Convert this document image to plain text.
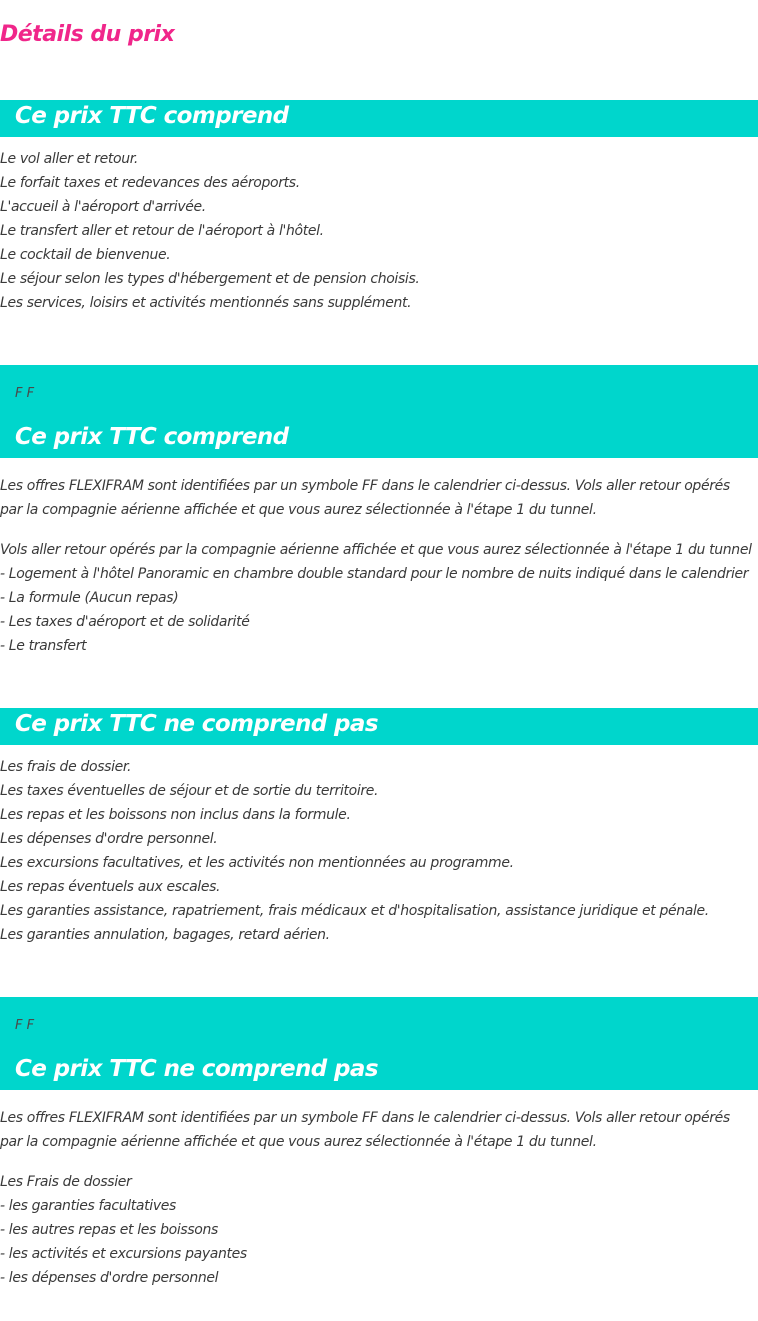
Détails du prix
Ce prix TTC comprend
Le vol aller et retour.
Le forfait taxes et redevances des aéroports.
L'accueil à l'aéroport d'arrivée.
Le transfert aller et retour de l'aéroport à l'hôtel.
Le cocktail de bienvenue.
Le séjour selon les types d'hébergement et de pension choisis.
Les services, loisirs et activités mentionnés sans supplément.
F F
Ce prix TTC comprend

Les offres FLEXIFRAM sont identifiées par un symbole FF dans le calendrier ci-dessus. Vols aller retour opérés par la compagnie aérienne affichée et que vous aurez sélectionnée à l'étape 1 du tunnel.

Vols aller retour opérés par la compagnie aérienne affichée et que vous aurez sélectionnée à l'étape 1 du tunnel
- Logement à l'hôtel Panoramic en chambre double standard pour le nombre de nuits indiqué dans le calendrier
- La formule (Aucun repas)
- Les taxes d'aéroport et de solidarité
- Le transfert
Ce prix TTC ne comprend pas
Les frais de dossier.
Les taxes éventuelles de séjour et de sortie du territoire.
Les repas et les boissons non inclus dans la formule.
Les dépenses d'ordre personnel.
Les excursions facultatives, et les activités non mentionnées au programme.
Les repas éventuels aux escales.
Les garanties assistance, rapatriement, frais médicaux et d'hospitalisation, assistance juridique et pénale.
Les garanties annulation, bagages, retard aérien.
F F
Ce prix TTC ne comprend pas

Les offres FLEXIFRAM sont identifiées par un symbole FF dans le calendrier ci-dessus. Vols aller retour opérés par la compagnie aérienne affichée et que vous aurez sélectionnée à l'étape 1 du tunnel.

Les Frais de dossier
- les garanties facultatives
- les autres repas et les boissons
- les activités et excursions payantes
- les dépenses d'ordre personnel
